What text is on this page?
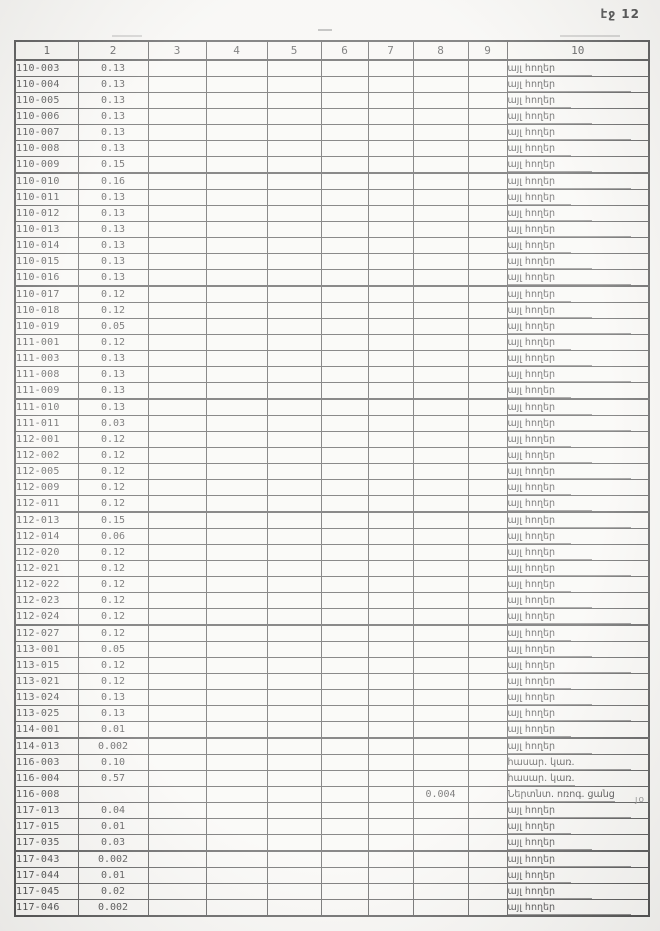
էջ 12
1	2	3	4	5	6	7	8	9	10
110-003	0.13								այլ հողեր
110-004	0.13								այլ հողեր
110-005	0.13								այլ հողեր
110-006	0.13								այլ հողեր
110-007	0.13								այլ հողեր
110-008	0.13								այլ հողեր
110-009	0.15								այլ հողեր
110-010	0.16								այլ հողեր
110-011	0.13								այլ հողեր
110-012	0.13								այլ հողեր
110-013	0.13								այլ հողեր
110-014	0.13								այլ հողեր
110-015	0.13								այլ հողեր
110-016	0.13								այլ հողեր
110-017	0.12								այլ հողեր
110-018	0.12								այլ հողեր
110-019	0.05								այլ հողեր
111-001	0.12								այլ հողեր
111-003	0.13								այլ հողեր
111-008	0.13								այլ հողեր
111-009	0.13								այլ հողեր
111-010	0.13								այլ հողեր
111-011	0.03								այլ հողեր
112-001	0.12								այլ հողեր
112-002	0.12								այլ հողեր
112-005	0.12								այլ հողեր
112-009	0.12								այլ հողեր
112-011	0.12								այլ հողեր
112-013	0.15								այլ հողեր
112-014	0.06								այլ հողեր
112-020	0.12								այլ հողեր
112-021	0.12								այլ հողեր
112-022	0.12								այլ հողեր
112-023	0.12								այլ հողեր
112-024	0.12								այլ հողեր
112-027	0.12								այլ հողեր
113-001	0.05								այլ հողեր
113-015	0.12								այլ հողեր
113-021	0.12								այլ հողեր
113-024	0.13								այլ հողեր
113-025	0.13								այլ հողեր
114-001	0.01								այլ հողեր
114-013	0.002								այլ հողեր
116-003	0.10								հասար. կառ.
116-004	0.57								հասար. կառ.
116-008							0.004		Ներտնտ. ոռոգ. ցանց
117-013	0.04								այլ հողեր
117-015	0.01								այլ հողեր
117-035	0.03								այլ հողեր
117-043	0.002								այլ հողեր
117-044	0.01								այլ հողեր
117-045	0.02								այլ հողեր
117-046	0.002								այլ հողեր
յօ
